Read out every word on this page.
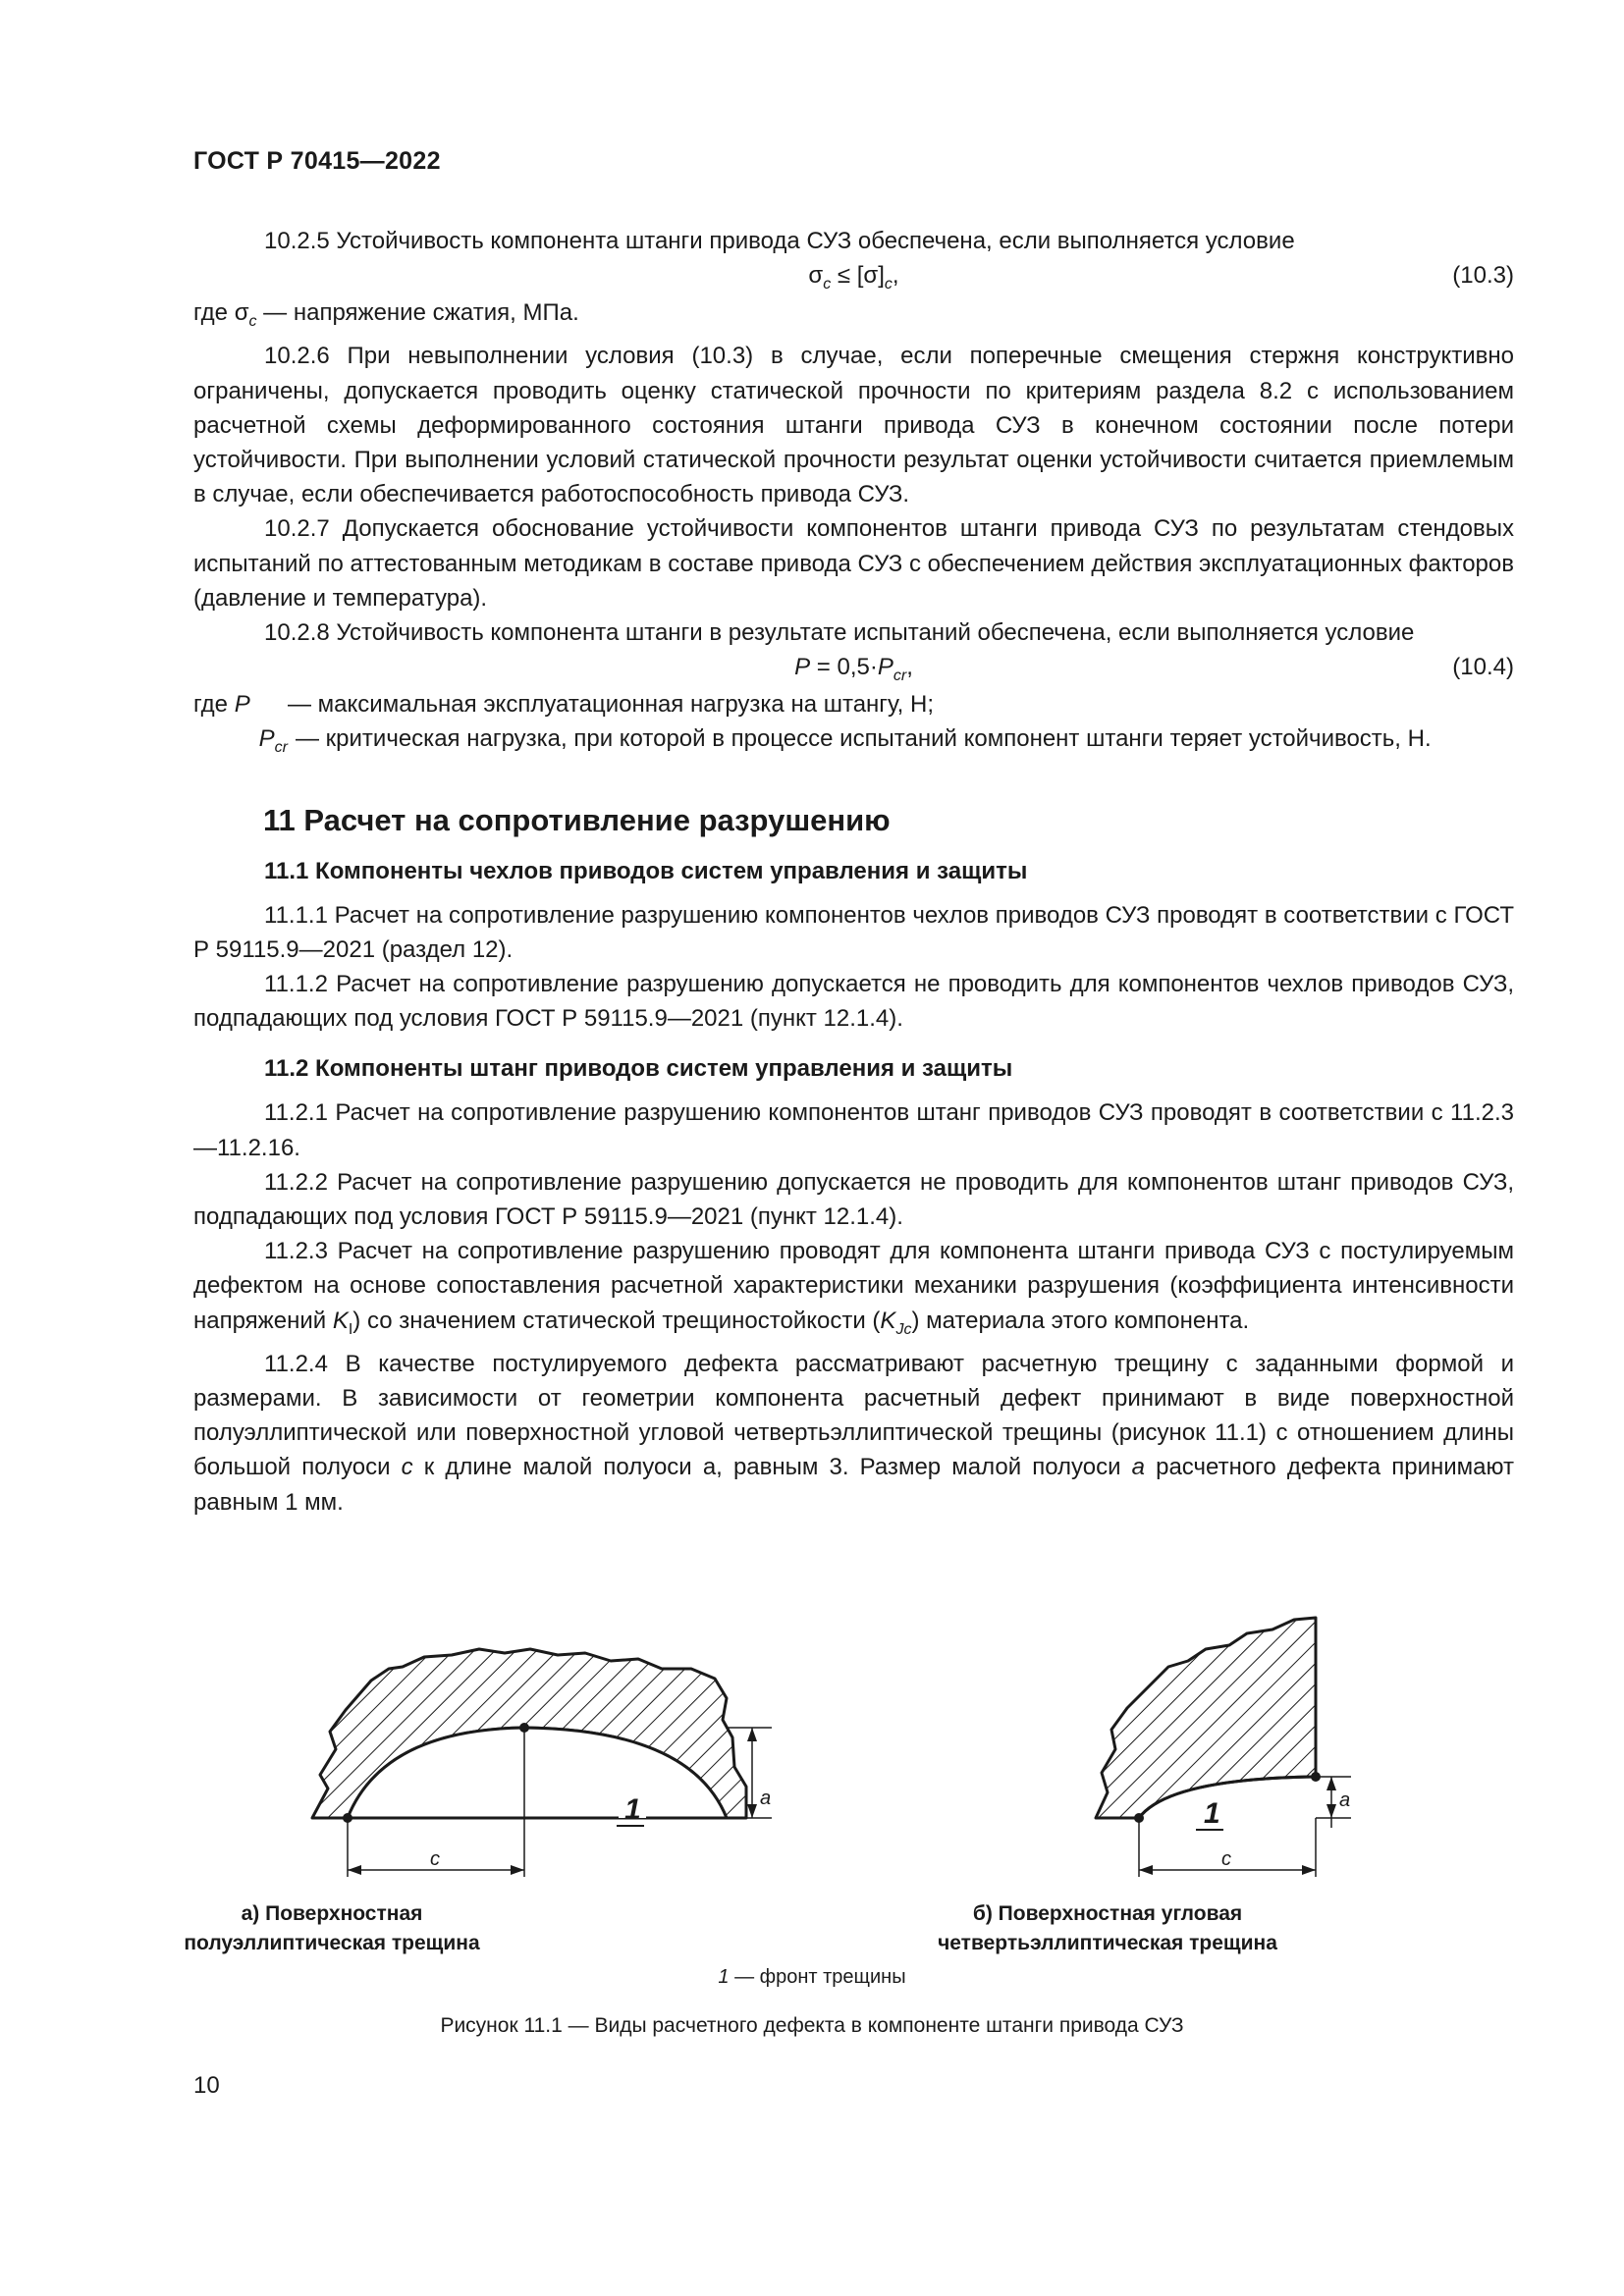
ГОСТ Р 70415—2022

10.2.5 Устойчивость компонента штанги привода СУЗ обеспечена, если выполняется условие

$\sigma_c \le [\sigma]_c$,	(10.3)

где $\sigma_c$ — напряжение сжатия, МПа.

10.2.6 При невыполнении условия (10.3) в случае, если поперечные смещения стержня конструктивно ограничены, допускается проводить оценку статической прочности по критериям раздела 8.2 с использованием расчетной схемы деформированного состояния штанги привода СУЗ в конечном состоянии после потери устойчивости. При выполнении условий статической прочности результат оценки устойчивости считается приемлемым в случае, если обеспечивается работоспособность привода СУЗ.

10.2.7 Допускается обоснование устойчивости компонентов штанги привода СУЗ по результатам стендовых испытаний по аттестованным методикам в составе привода СУЗ с обеспечением действия эксплуатационных факторов (давление и температура).

10.2.8 Устойчивость компонента штанги в результате испытаний обеспечена, если выполняется условие

$P = 0,5\cdot P_{cr}$,	(10.4)
где P	— максимальная эксплуатационная нагрузка на штангу, Н;
$P_{cr}$ — критическая нагрузка, при которой в процессе испытаний компонент штанги теряет устойчивость, Н.
11 Расчет на сопротивление разрушению
11.1 Компоненты чехлов приводов систем управления и защиты

11.1.1 Расчет на сопротивление разрушению компонентов чехлов приводов СУЗ проводят в соответствии с ГОСТ Р 59115.9—2021 (раздел 12).

11.1.2 Расчет на сопротивление разрушению допускается не проводить для компонентов чехлов приводов СУЗ, подпадающих под условия ГОСТ Р 59115.9—2021 (пункт 12.1.4).

11.2 Компоненты штанг приводов систем управления и защиты

11.2.1 Расчет на сопротивление разрушению компонентов штанг приводов СУЗ проводят в соответствии с 11.2.3—11.2.16.

11.2.2 Расчет на сопротивление разрушению допускается не проводить для компонентов штанг приводов СУЗ, подпадающих под условия ГОСТ Р 59115.9—2021 (пункт 12.1.4).

11.2.3 Расчет на сопротивление разрушению проводят для компонента штанги привода СУЗ с постулируемым дефектом на основе сопоставления расчетной характеристики механики разрушения (коэффициента интенсивности напряжений $K_I$) со значением статической трещиностойкости $(K_{Jc})$ материала этого компонента.

11.2.4 В качестве постулируемого дефекта рассматривают расчетную трещину с заданными формой и размерами. В зависимости от геометрии компонента расчетный дефект принимают в виде поверхностной полуэллиптической или поверхностной угловой четвертьэллиптической трещины (рисунок 11.1) с отношением длины большой полуоси c к длине малой полуоси а, равным 3. Размер малой полуоси a расчетного дефекта принимают равным 1 мм.

1
c
a	1
c
a
а) Поверхностная
полуэллиптическая трещина
б) Поверхностная угловая
четвертьэллиптическая трещина
1 — фронт трещины
Рисунок 11.1 — Виды расчетного дефекта в компоненте штанги привода СУЗ
10
